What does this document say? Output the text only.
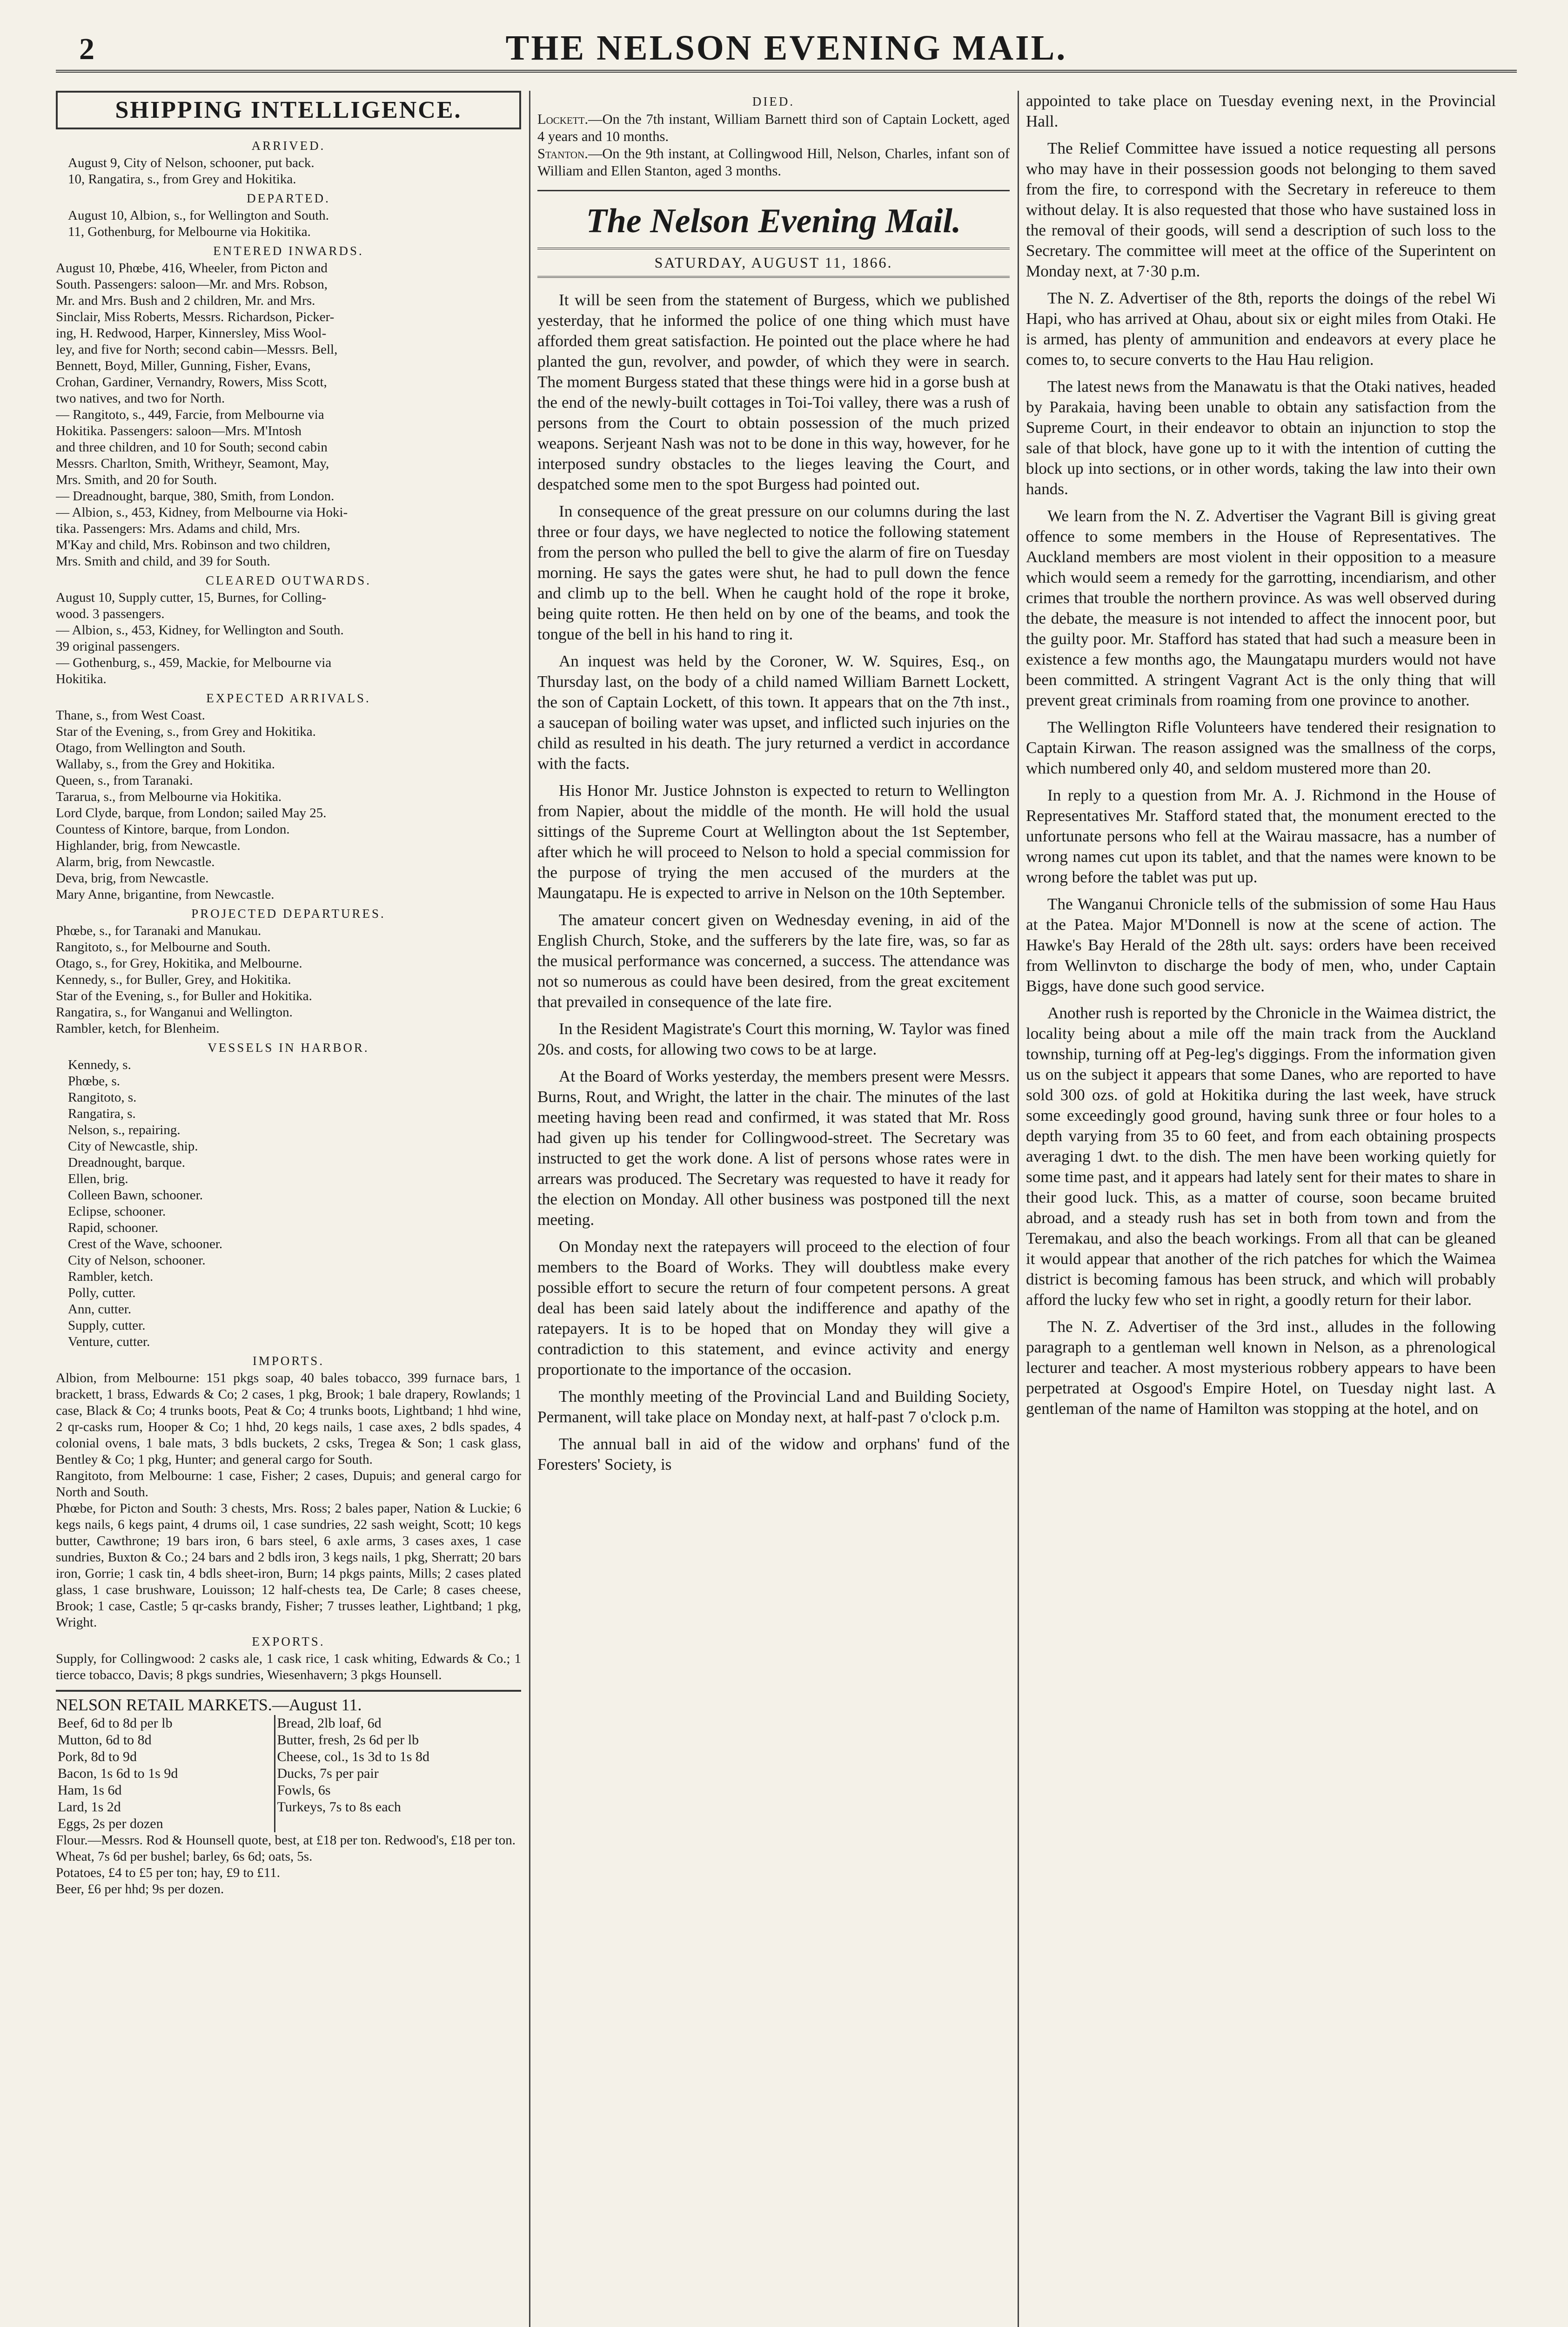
2	THE NELSON EVENING MAIL.
SHIPPING INTELLIGENCE.
ARRIVED.
August 9, City of Nelson, schooner, put back.
10, Rangatira, s., from Grey and Hokitika.
DEPARTED.
August 10, Albion, s., for Wellington and South.
11, Gothenburg, for Melbourne via Hokitika.
ENTERED INWARDS.
August 10, Phœbe, 416, Wheeler, from Picton and
South. Passengers: saloon—Mr. and Mrs. Robson,
Mr. and Mrs. Bush and 2 children, Mr. and Mrs.
Sinclair, Miss Roberts, Messrs. Richardson, Picker-
ing, H. Redwood, Harper, Kinnersley, Miss Wool-
ley, and five for North; second cabin—Messrs. Bell,
Bennett, Boyd, Miller, Gunning, Fisher, Evans,
Crohan, Gardiner, Vernandry, Rowers, Miss Scott,
two natives, and two for North.
— Rangitoto, s., 449, Farcie, from Melbourne via
Hokitika. Passengers: saloon—Mrs. M'Intosh
and three children, and 10 for South; second cabin
Messrs. Charlton, Smith, Writheyr, Seamont, May,
Mrs. Smith, and 20 for South.
— Dreadnought, barque, 380, Smith, from London.
— Albion, s., 453, Kidney, from Melbourne via Hoki-
tika. Passengers: Mrs. Adams and child, Mrs.
M'Kay and child, Mrs. Robinson and two children,
Mrs. Smith and child, and 39 for South.
CLEARED OUTWARDS.
August 10, Supply cutter, 15, Burnes, for Colling-
wood. 3 passengers.
— Albion, s., 453, Kidney, for Wellington and South.
39 original passengers.
— Gothenburg, s., 459, Mackie, for Melbourne via
Hokitika.
EXPECTED ARRIVALS.
Thane, s., from West Coast.
Star of the Evening, s., from Grey and Hokitika.
Otago, from Wellington and South.
Wallaby, s., from the Grey and Hokitika.
Queen, s., from Taranaki.
Tararua, s., from Melbourne via Hokitika.
Lord Clyde, barque, from London; sailed May 25.
Countess of Kintore, barque, from London.
Highlander, brig, from Newcastle.
Alarm, brig, from Newcastle.
Deva, brig, from Newcastle.
Mary Anne, brigantine, from Newcastle.
PROJECTED DEPARTURES.
Phœbe, s., for Taranaki and Manukau.
Rangitoto, s., for Melbourne and South.
Otago, s., for Grey, Hokitika, and Melbourne.
Kennedy, s., for Buller, Grey, and Hokitika.
Star of the Evening, s., for Buller and Hokitika.
Rangatira, s., for Wanganui and Wellington.
Rambler, ketch, for Blenheim.
VESSELS IN HARBOR.
Kennedy, s.
Phœbe, s.
Rangitoto, s.
Rangatira, s.
Nelson, s., repairing.
City of Newcastle, ship.
Dreadnought, barque.
Ellen, brig.
Colleen Bawn, schooner.
Eclipse, schooner.
Rapid, schooner.
Crest of the Wave, schooner.
City of Nelson, schooner.
Rambler, ketch.
Polly, cutter.
Ann, cutter.
Supply, cutter.
Venture, cutter.
IMPORTS.
Albion, from Melbourne: 151 pkgs soap, 40 bales tobacco, 399 furnace bars, 1 brackett, 1 brass, Edwards & Co; 2 cases, 1 pkg, Brook; 1 bale drapery, Rowlands; 1 case, Black & Co; 4 trunks boots, Peat & Co; 4 trunks boots, Lightband; 1 hhd wine, 2 qr-casks rum, Hooper & Co; 1 hhd, 20 kegs nails, 1 case axes, 2 bdls spades, 4 colonial ovens, 1 bale mats, 3 bdls buckets, 2 csks, Tregea & Son; 1 cask glass, Bentley & Co; 1 pkg, Hunter; and general cargo for South.
Rangitoto, from Melbourne: 1 case, Fisher; 2 cases, Dupuis; and general cargo for North and South.
Phœbe, for Picton and South: 3 chests, Mrs. Ross; 2 bales paper, Nation & Luckie; 6 kegs nails, 6 kegs paint, 4 drums oil, 1 case sundries, 22 sash weight, Scott; 10 kegs butter, Cawthrone; 19 bars iron, 6 bars steel, 6 axle arms, 3 cases axes, 1 case sundries, Buxton & Co.; 24 bars and 2 bdls iron, 3 kegs nails, 1 pkg, Sherratt; 20 bars iron, Gorrie; 1 cask tin, 4 bdls sheet-iron, Burn; 14 pkgs paints, Mills; 2 cases plated glass, 1 case brushware, Louisson; 12 half-chests tea, De Carle; 8 cases cheese, Brook; 1 case, Castle; 5 qr-casks brandy, Fisher; 7 trusses leather, Lightband; 1 pkg, Wright.
EXPORTS.
Supply, for Collingwood: 2 casks ale, 1 cask rice, 1 cask whiting, Edwards & Co.; 1 tierce tobacco, Davis; 8 pkgs sundries, Wiesenhavern; 3 pkgs Hounsell.
NELSON RETAIL MARKETS.—August 11.
Beef, 6d to 8d per lb	Bread, 2lb loaf, 6d
Mutton, 6d to 8d	Butter, fresh, 2s 6d per lb
Pork, 8d to 9d	Cheese, col., 1s 3d to 1s 8d
Bacon, 1s 6d to 1s 9d	Ducks, 7s per pair
Ham, 1s 6d	Fowls, 6s
Lard, 1s 2d	Turkeys, 7s to 8s each
Eggs, 2s per dozen	
Flour.—Messrs. Rod & Hounsell quote, best, at £18 per ton. Redwood's, £18 per ton.
Wheat, 7s 6d per bushel; barley, 6s 6d; oats, 5s.
Potatoes, £4 to £5 per ton; hay, £9 to £11.
Beer, £6 per hhd; 9s per dozen.
DIED.
Lockett.—On the 7th instant, William Barnett third son of Captain Lockett, aged 4 years and 10 months.
Stanton.—On the 9th instant, at Collingwood Hill, Nelson, Charles, infant son of William and Ellen Stanton, aged 3 months.
The Nelson Evening Mail.
SATURDAY, AUGUST 11, 1866.

It will be seen from the statement of Burgess, which we published yesterday, that he informed the police of one thing which must have afforded them great satisfaction. He pointed out the place where he had planted the gun, revolver, and powder, of which they were in search. The moment Burgess stated that these things were hid in a gorse bush at the end of the newly-built cottages in Toi-Toi valley, there was a rush of persons from the Court to obtain possession of the much prized weapons. Serjeant Nash was not to be done in this way, however, for he interposed sundry obstacles to the lieges leaving the Court, and despatched some men to the spot Burgess had pointed out.

In consequence of the great pressure on our columns during the last three or four days, we have neglected to notice the following statement from the person who pulled the bell to give the alarm of fire on Tuesday morning. He says the gates were shut, he had to pull down the fence and climb up to the bell. When he caught hold of the rope it broke, being quite rotten. He then held on by one of the beams, and took the tongue of the bell in his hand to ring it.

An inquest was held by the Coroner, W. W. Squires, Esq., on Thursday last, on the body of a child named William Barnett Lockett, the son of Captain Lockett, of this town. It appears that on the 7th inst., a saucepan of boiling water was upset, and inflicted such injuries on the child as resulted in his death. The jury returned a verdict in accordance with the facts.

His Honor Mr. Justice Johnston is expected to return to Wellington from Napier, about the middle of the month. He will hold the usual sittings of the Supreme Court at Wellington about the 1st September, after which he will proceed to Nelson to hold a special commission for the purpose of trying the men accused of the murders at the Maungatapu. He is expected to arrive in Nelson on the 10th September.

The amateur concert given on Wednesday evening, in aid of the English Church, Stoke, and the sufferers by the late fire, was, so far as the musical performance was concerned, a success. The attendance was not so numerous as could have been desired, from the great excitement that prevailed in consequence of the late fire.

In the Resident Magistrate's Court this morning, W. Taylor was fined 20s. and costs, for allowing two cows to be at large.

At the Board of Works yesterday, the members present were Messrs. Burns, Rout, and Wright, the latter in the chair. The minutes of the last meeting having been read and confirmed, it was stated that Mr. Ross had given up his tender for Collingwood-street. The Secretary was instructed to get the work done. A list of persons whose rates were in arrears was produced. The Secretary was requested to have it ready for the election on Monday. All other business was postponed till the next meeting.

On Monday next the ratepayers will proceed to the election of four members to the Board of Works. They will doubtless make every possible effort to secure the return of four competent persons. A great deal has been said lately about the indifference and apathy of the ratepayers. It is to be hoped that on Monday they will give a contradiction to this statement, and evince activity and energy proportionate to the importance of the occasion.

The monthly meeting of the Provincial Land and Building Society, Permanent, will take place on Monday next, at half-past 7 o'clock p.m.

The annual ball in aid of the widow and orphans' fund of the Foresters' Society, is

appointed to take place on Tuesday evening next, in the Provincial Hall.

The Relief Committee have issued a notice requesting all persons who may have in their possession goods not belonging to them saved from the fire, to correspond with the Secretary in refereuce to them without delay. It is also requested that those who have sustained loss in the removal of their goods, will send a description of such loss to the Secretary. The committee will meet at the office of the Superintent on Monday next, at 7·30 p.m.

The N. Z. Advertiser of the 8th, reports the doings of the rebel Wi Hapi, who has arrived at Ohau, about six or eight miles from Otaki. He is armed, has plenty of ammunition and endeavors at every place he comes to, to secure converts to the Hau Hau religion.

The latest news from the Manawatu is that the Otaki natives, headed by Parakaia, having been unable to obtain any satisfaction from the Supreme Court, in their endeavor to obtain an injunction to stop the sale of that block, have gone up to it with the intention of cutting the block up into sections, or in other words, taking the law into their own hands.

We learn from the N. Z. Advertiser the Vagrant Bill is giving great offence to some members in the House of Representatives. The Auckland members are most violent in their opposition to a measure which would seem a remedy for the garrotting, incendiarism, and other crimes that trouble the northern province. As was well observed during the debate, the measure is not intended to affect the innocent poor, but the guilty poor. Mr. Stafford has stated that had such a measure been in existence a few months ago, the Maungatapu murders would not have been committed. A stringent Vagrant Act is the only thing that will prevent great criminals from roaming from one province to another.

The Wellington Rifle Volunteers have tendered their resignation to Captain Kirwan. The reason assigned was the smallness of the corps, which numbered only 40, and seldom mustered more than 20.

In reply to a question from Mr. A. J. Richmond in the House of Representatives Mr. Stafford stated that, the monument erected to the unfortunate persons who fell at the Wairau massacre, has a number of wrong names cut upon its tablet, and that the names were known to be wrong before the tablet was put up.

The Wanganui Chronicle tells of the submission of some Hau Haus at the Patea. Major M'Donnell is now at the scene of action. The Hawke's Bay Herald of the 28th ult. says: orders have been received from Wellinvton to discharge the body of men, who, under Captain Biggs, have done such good service.

Another rush is reported by the Chronicle in the Waimea district, the locality being about a mile off the main track from the Auckland township, turning off at Peg-leg's diggings. From the information given us on the subject it appears that some Danes, who are reported to have sold 300 ozs. of gold at Hokitika during the last week, have struck some exceedingly good ground, having sunk three or four holes to a depth varying from 35 to 60 feet, and from each obtaining prospects averaging 1 dwt. to the dish. The men have been working quietly for some time past, and it appears had lately sent for their mates to share in their good luck. This, as a matter of course, soon became bruited abroad, and a steady rush has set in both from town and from the Teremakau, and also the beach workings. From all that can be gleaned it would appear that another of the rich patches for which the Waimea district is becoming famous has been struck, and which will probably afford the lucky few who set in right, a goodly return for their labor.

The N. Z. Advertiser of the 3rd inst., alludes in the following paragraph to a gentleman well known in Nelson, as a phrenological lecturer and teacher. A most mysterious robbery appears to have been perpetrated at Osgood's Empire Hotel, on Tuesday night last. A gentleman of the name of Hamilton was stopping at the hotel, and on
